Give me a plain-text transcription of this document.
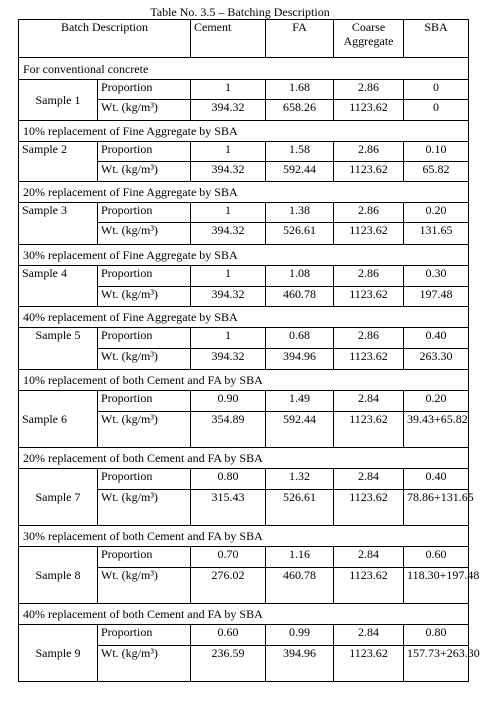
Table No. 3.5 – Batching Description
Batch Description		Cement	FA	Coarse Aggregate	SBA
For conventional concrete					
Sample 1	Proportion	1	1.68	2.86	0
	Wt. (kg/m³)	394.32	658.26	1123.62	0
10% replacement of Fine Aggregate by SBA					
Sample 2	Proportion	1	1.58	2.86	0.10
	Wt. (kg/m³)	394.32	592.44	1123.62	65.82
20% replacement of Fine Aggregate by SBA					
Sample 3	Proportion	1	1.38	2.86	0.20
	Wt. (kg/m³)	394.32	526.61	1123.62	131.65
30% replacement of Fine Aggregate by SBA					
Sample 4	Proportion	1	1.08	2.86	0.30
	Wt. (kg/m³)	394.32	460.78	1123.62	197.48
40% replacement of Fine Aggregate by SBA					
Sample 5	Proportion	1	0.68	2.86	0.40
	Wt. (kg/m³)	394.32	394.96	1123.62	263.30
10% replacement of both Cement and FA by SBA					
Sample 6	Proportion	0.90	1.49	2.84	0.20
	Wt. (kg/m³)	354.89	592.44	1123.62	39.43+65.82
20% replacement of both Cement and FA by SBA					
Sample 7	Proportion	0.80	1.32	2.84	0.40
	Wt. (kg/m³)	315.43	526.61	1123.62	78.86+131.65
30% replacement of both Cement and FA by SBA					
Sample 8	Proportion	0.70	1.16	2.84	0.60
	Wt. (kg/m³)	276.02	460.78	1123.62	118.30+197.48
40% replacement of both Cement and FA by SBA					
Sample 9	Proportion	0.60	0.99	2.84	0.80
	Wt. (kg/m³)	236.59	394.96	1123.62	157.73+263.30
